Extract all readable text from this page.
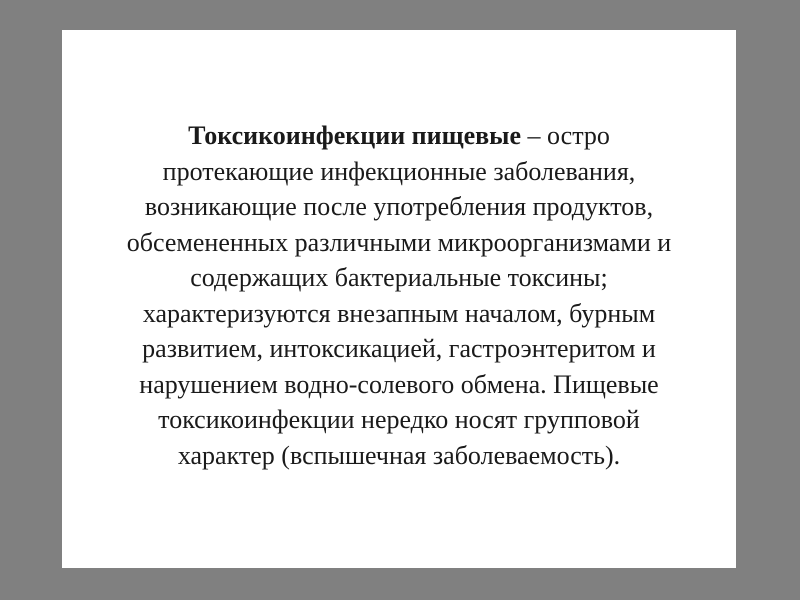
Токсикоинфекции пищевые – остро
протекающие инфекционные заболевания,
возникающие после употребления продуктов,
обсемененных различными микроорганизмами и
содержащих бактериальные токсины;
характеризуются внезапным началом, бурным
развитием, интоксикацией, гастроэнтеритом и
нарушением водно-солевого обмена. Пищевые
токсикоинфекции нередко носят групповой
характер (вспышечная заболеваемость).
